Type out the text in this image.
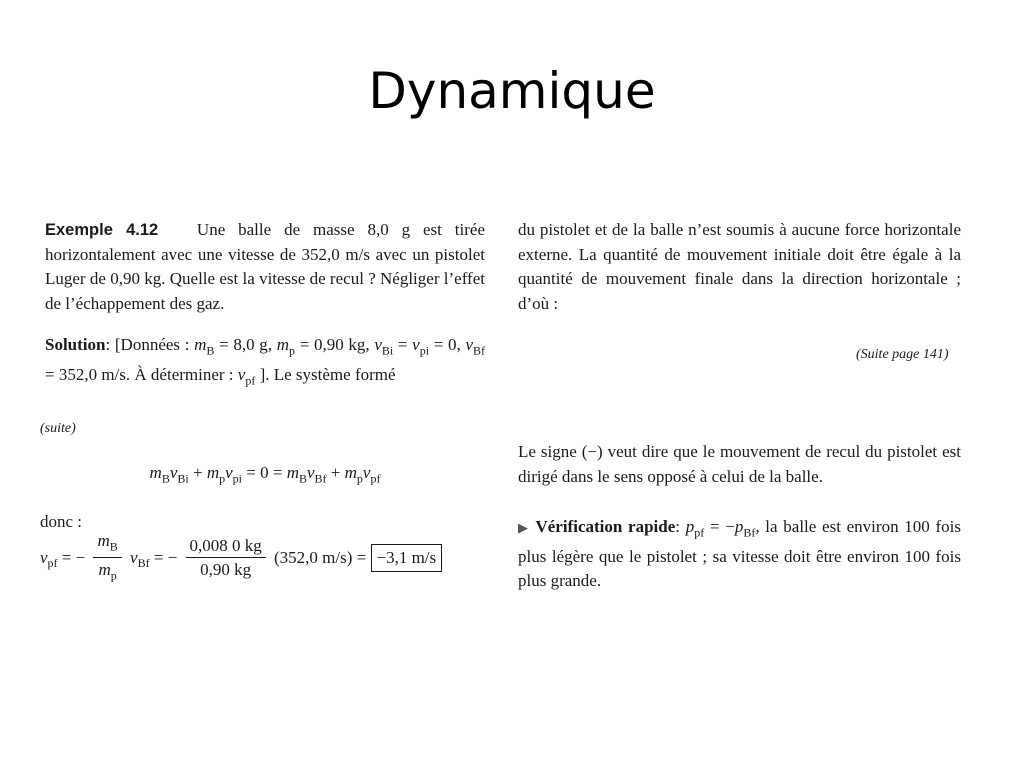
Dynamique
Exemple 4.12 Une balle de masse 8,0 g est tirée horizontalement avec une vitesse de 352,0 m/s avec un pistolet Luger de 0,90 kg. Quelle est la vitesse de recul ? Négliger l’effet de l’échappement des gaz.
Solution: [Données : $m_B = 8,0$ g, $m_p = 0,90$ kg, $v_{Bi} = v_{pi} = 0$, $v_{Bf} = 352,0$ m/s. À déterminer : $v_{pf}$ ]. Le système formé
du pistolet et de la balle n’est soumis à aucune force horizontale externe. La quantité de mouvement initiale doit être égale à la quantité de mouvement finale dans la direction horizontale ; d’où :
(Suite page 141)
(suite)
$m_Bv_{Bi} + m_pv_{pi} = 0 = m_Bv_{Bf} + m_pv_{pf}$
donc :
$v_{pf}$ = − $\frac{m_B}{m_p} v_{Bf}$ = − $\frac{0,008 0 kg}{0,90 kg} (352,0$ m/s) = −3,1 m/s
Le signe (−) veut dire que le mouvement de recul du pistolet est dirigé dans le sens opposé à celui de la balle.
▶ Vérification rapide: $p_{pf} = -p_{Bf}$, la balle est environ 100 fois plus légère que le pistolet ; sa vitesse doit être environ 100 fois plus grande.
